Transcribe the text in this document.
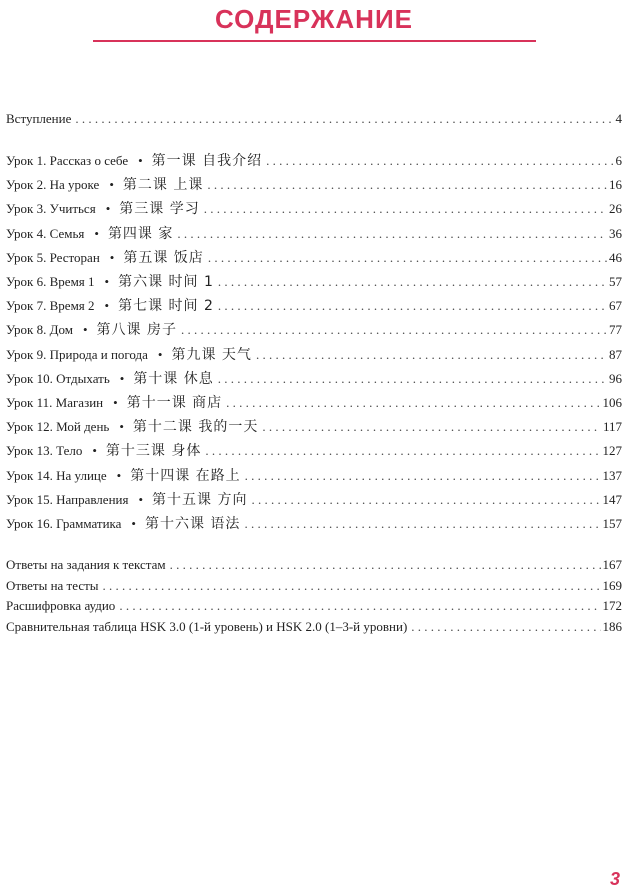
СОДЕРЖАНИЕ
Вступление . . .	4
Урок 1. Рассказ о себе • 第一课 自我介绍 . . .	6
Урок 2. На уроке • 第二课 上课 . . .	16
Урок 3. Учиться • 第三课 学习 . . .	26
Урок 4. Семья • 第四课 家 . . .	36
Урок 5. Ресторан • 第五课 饭店 . . .	46
Урок 6. Время 1 • 第六课 时间 1 . . .	57
Урок 7. Время 2 • 第七课 时间 2 . . .	67
Урок 8. Дом • 第八课 房子 . . .	77
Урок 9. Природа и погода • 第九课 天气 . . .	87
Урок 10. Отдыхать • 第十课 休息 . . .	96
Урок 11. Магазин • 第十一课 商店 . . .	106
Урок 12. Мой день • 第十二课 我的一天 . . .	117
Урок 13. Тело • 第十三课 身体 . . .	127
Урок 14. На улице • 第十四课 在路上 . . .	137
Урок 15. Направления • 第十五课 方向 . . .	147
Урок 16. Грамматика • 第十六课 语法 . . .	157
Ответы на задания к текстам . . .	167
Ответы на тесты . . .	169
Расшифровка аудио . . .	172
Сравнительная таблица HSK 3.0 (1-й уровень) и HSK 2.0 (1–3-й уровни) . . .	186
3
